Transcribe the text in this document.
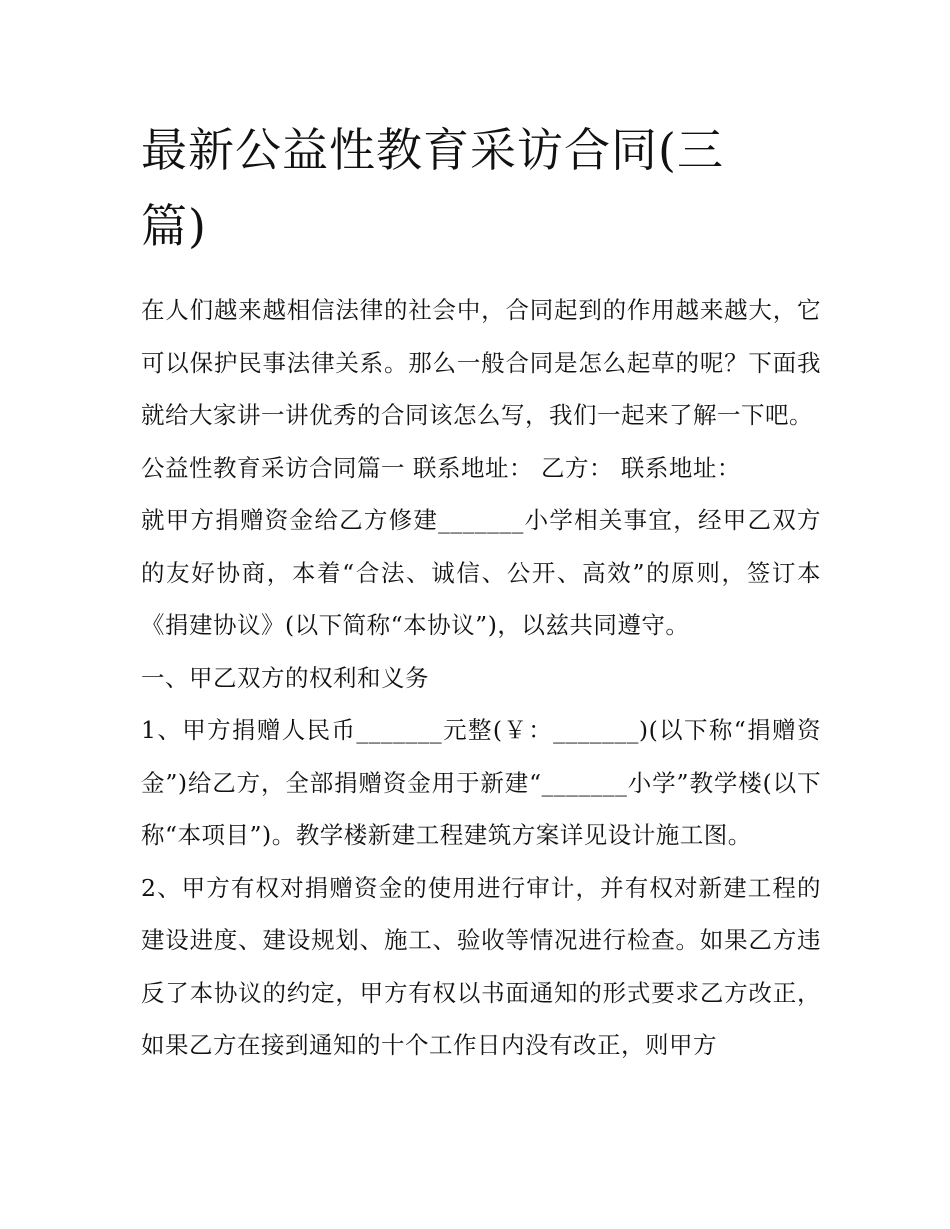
最新公益性教育采访合同(三篇)

在人们越来越相信法律的社会中，合同起到的作用越来越大，它可以保护民事法律关系。那么一般合同是怎么起草的呢？下面我就给大家讲一讲优秀的合同该怎么写，我们一起来了解一下吧。

公益性教育采访合同篇一 联系地址： 乙方： 联系地址：

就甲方捐赠资金给乙方修建_______小学相关事宜，经甲乙双方的友好协商，本着“合法、诚信、公开、高效”的原则，签订本《捐建协议》(以下简称“本协议”)，以兹共同遵守。

一、甲乙双方的权利和义务

1、甲方捐赠人民币_______元整(￥：_______)(以下称“捐赠资金”)给乙方，全部捐赠资金用于新建“_______小学”教学楼(以下称“本项目”)。教学楼新建工程建筑方案详见设计施工图。

2、甲方有权对捐赠资金的使用进行审计，并有权对新建工程的建设进度、建设规划、施工、验收等情况进行检查。如果乙方违反了本协议的约定，甲方有权以书面通知的形式要求乙方改正，如果乙方在接到通知的十个工作日内没有改正，则甲方
